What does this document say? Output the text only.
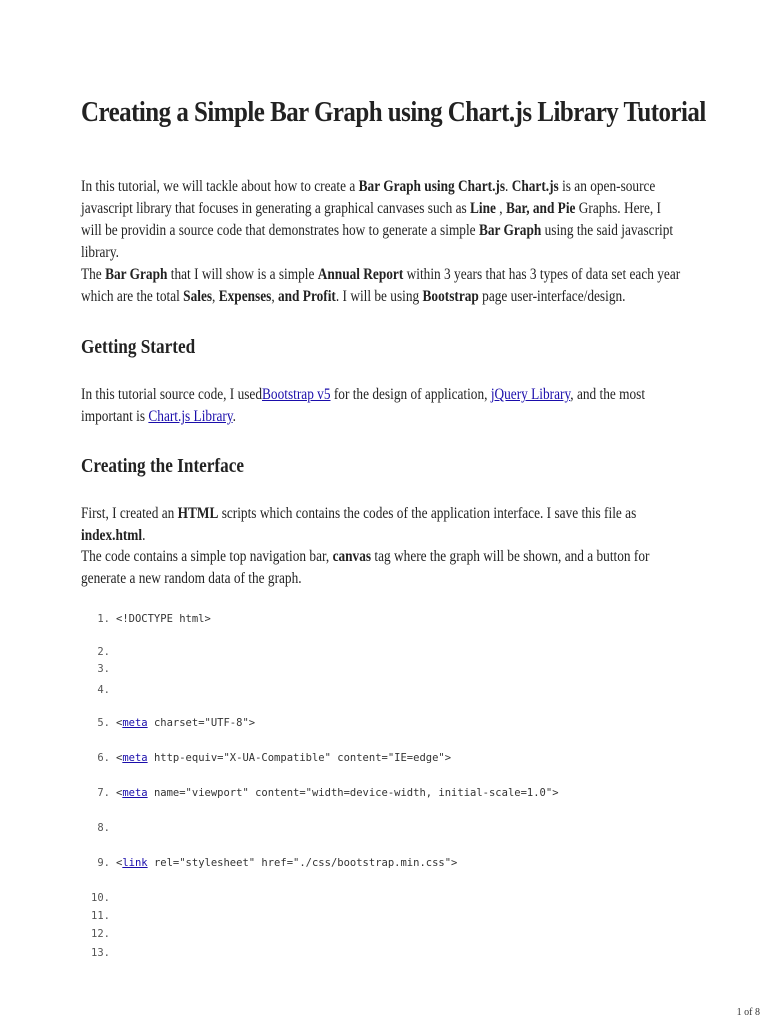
Creating a Simple Bar Graph using Chart.js Library Tutorial

In this tutorial, we will tackle about how to create a Bar Graph using Chart.js. Chart.js is an open-source javascript library that focuses in generating a graphical canvases such as Line , Bar, and Pie Graphs. Here, I will be providin a source code that demonstrates how to generate a simple Bar Graph using the said javascript library.

The Bar Graph that I will show is a simple Annual Report within 3 years that has 3 types of data set each year which are the total Sales, Expenses, and Profit. I will be using Bootstrap page user-interface/design.

Getting Started

In this tutorial source code, I usedBootstrap v5 for the design of application, jQuery Library, and the most important is Chart.js Library.

Creating the Interface

First, I created an HTML scripts which contains the codes of the application interface. I save this file as index.html.

The code contains a simple top navigation bar, canvas tag where the graph will be shown, and a button for generate a new random data of the graph.

1. <!DOCTYPE html>
2.
3.
4.
5. <meta charset="UTF-8">
6. <meta http-equiv="X-UA-Compatible" content="IE=edge">
7. <meta name="viewport" content="width=device-width, initial-scale=1.0">
8.
9. <link rel="stylesheet" href="./css/bootstrap.min.css">
10.
11.
12.
13.
1 of 8
